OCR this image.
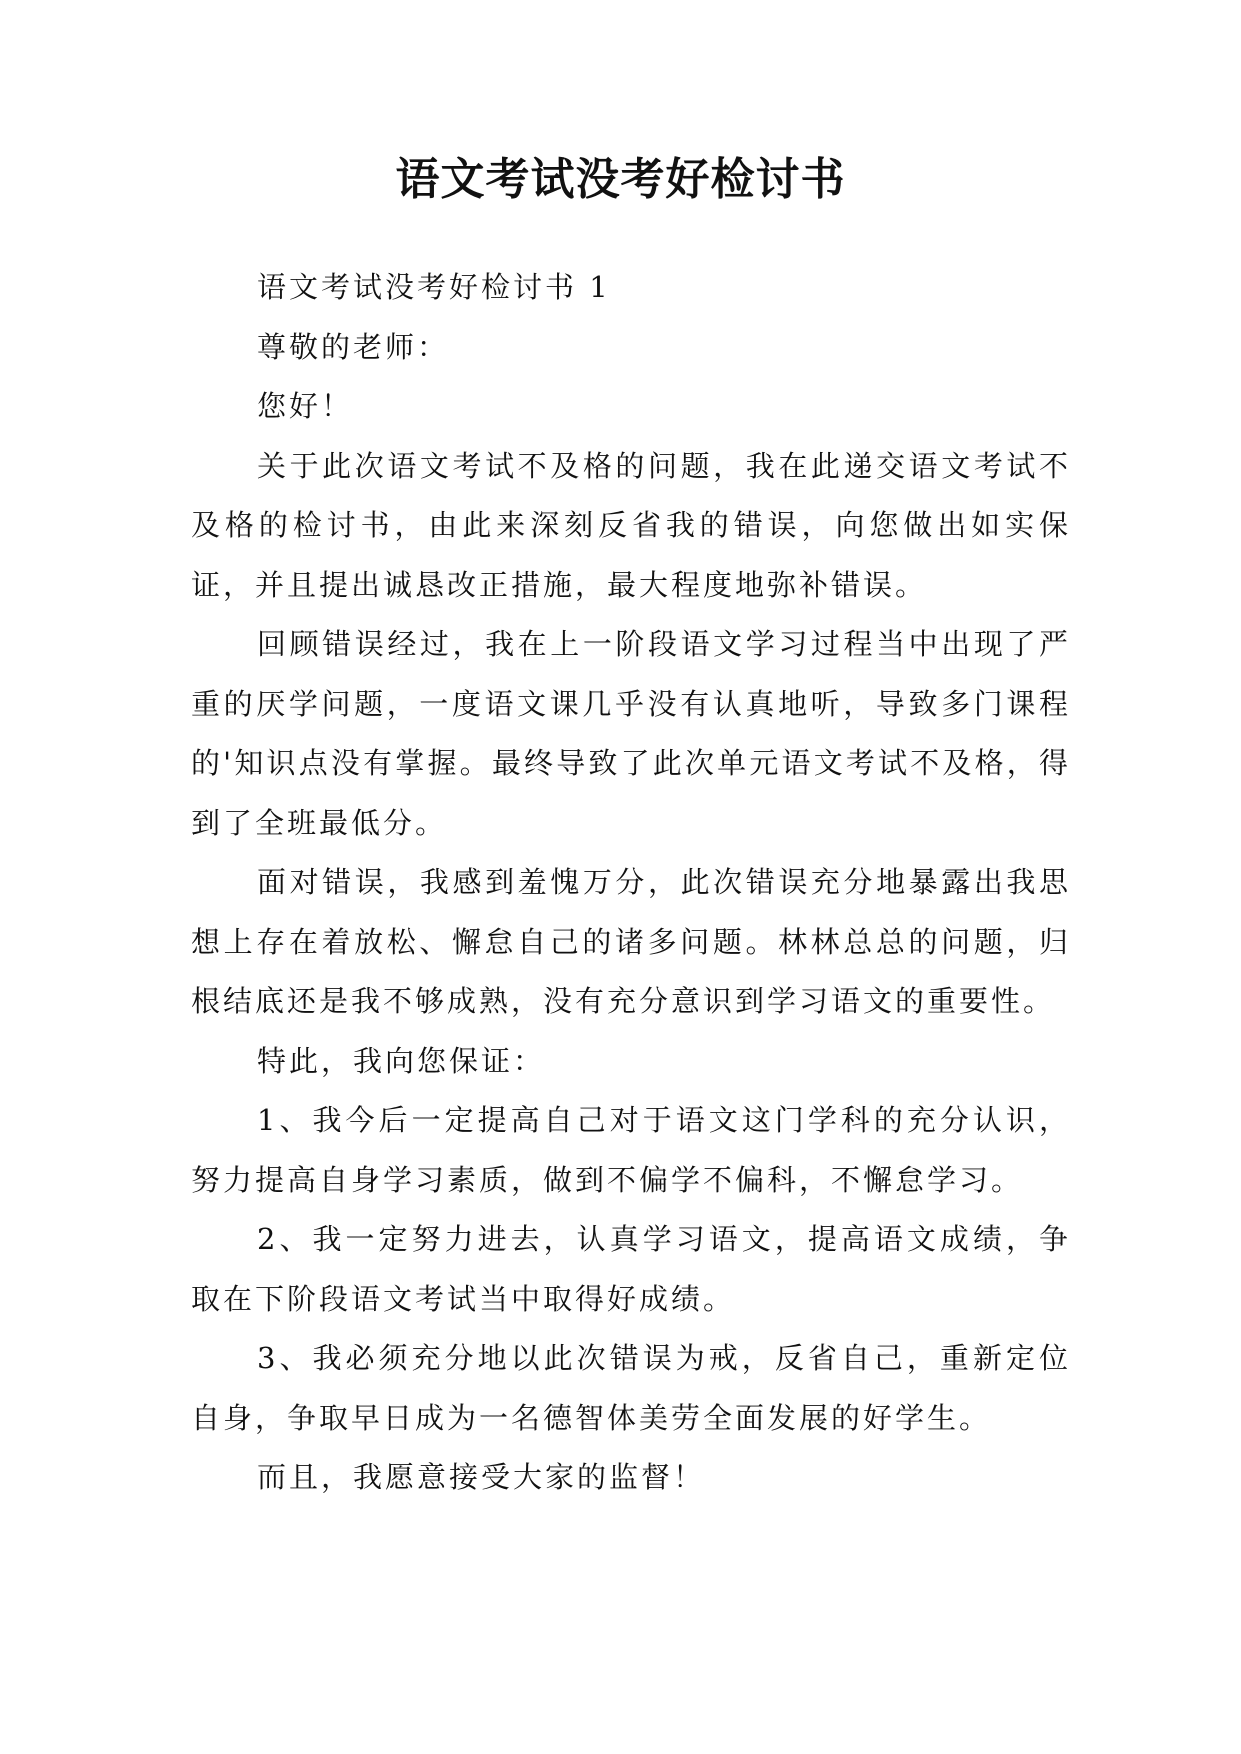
语文考试没考好检讨书

语文考试没考好检讨书 1

尊敬的老师：

您好！

关于此次语文考试不及格的问题，我在此递交语文考试不及格的检讨书，由此来深刻反省我的错误，向您做出如实保证，并且提出诚恳改正措施，最大程度地弥补错误。

回顾错误经过，我在上一阶段语文学习过程当中出现了严重的厌学问题，一度语文课几乎没有认真地听，导致多门课程的'知识点没有掌握。最终导致了此次单元语文考试不及格，得到了全班最低分。

面对错误，我感到羞愧万分，此次错误充分地暴露出我思想上存在着放松、懈怠自己的诸多问题。林林总总的问题，归根结底还是我不够成熟，没有充分意识到学习语文的重要性。

特此，我向您保证：

1、我今后一定提高自己对于语文这门学科的充分认识，努力提高自身学习素质，做到不偏学不偏科，不懈怠学习。

2、我一定努力进去，认真学习语文，提高语文成绩，争取在下阶段语文考试当中取得好成绩。

3、我必须充分地以此次错误为戒，反省自己，重新定位自身，争取早日成为一名德智体美劳全面发展的好学生。

而且，我愿意接受大家的监督！
